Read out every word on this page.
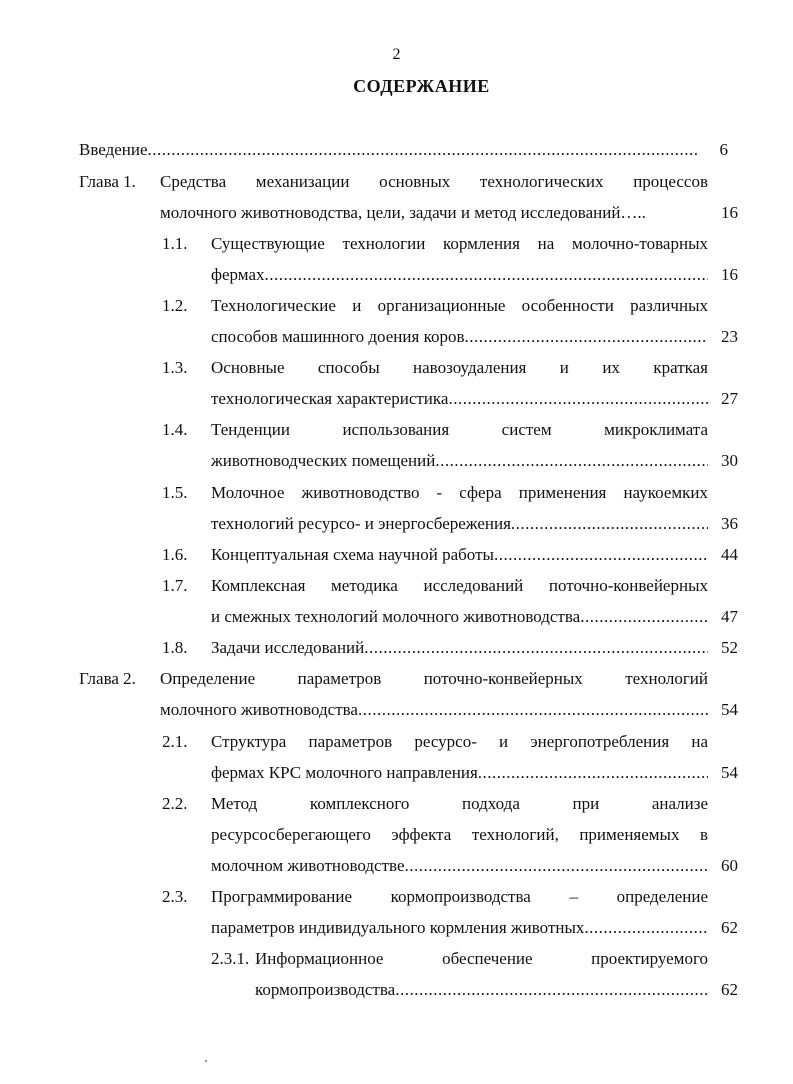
2
СОДЕРЖАНИЕ
Введение .....	6
Глава 1. Средства механизации основных технологических процессов
молочного животноводства, цели, задачи и метод исследований…..	16
1.1. Существующие технологии кормления на молочно-товарных
фермах .....	16
1.2. Технологические и организационные особенности различных
способов машинного доения коров .....	23
1.3. Основные способы навозоудаления и их краткая
технологическая характеристика .....	27
1.4. Тенденции использования систем микроклимата
животноводческих помещений .....	30
1.5. Молочное животноводство - сфера применения наукоемких
технологий ресурсо- и энергосбережения .....	36
1.6. Концептуальная схема научной работы .....	44
1.7. Комплексная методика исследований поточно-конвейерных
и смежных технологий молочного животноводства .....	47
1.8. Задачи исследований .....	52
Глава 2. Определение параметров поточно-конвейерных технологий
молочного животноводства .....	54
2.1. Структура параметров ресурсо- и энергопотребления на
фермах КРС молочного направления .....	54
2.2. Метод комплексного подхода при анализе
ресурсосберегающего эффекта технологий, применяемых в
молочном животноводстве .....	60
2.3. Программирование кормопроизводства – определение
параметров индивидуального кормления животных .....	62
2.3.1. Информационное обеспечение проектируемого
кормопроизводства .....	62
